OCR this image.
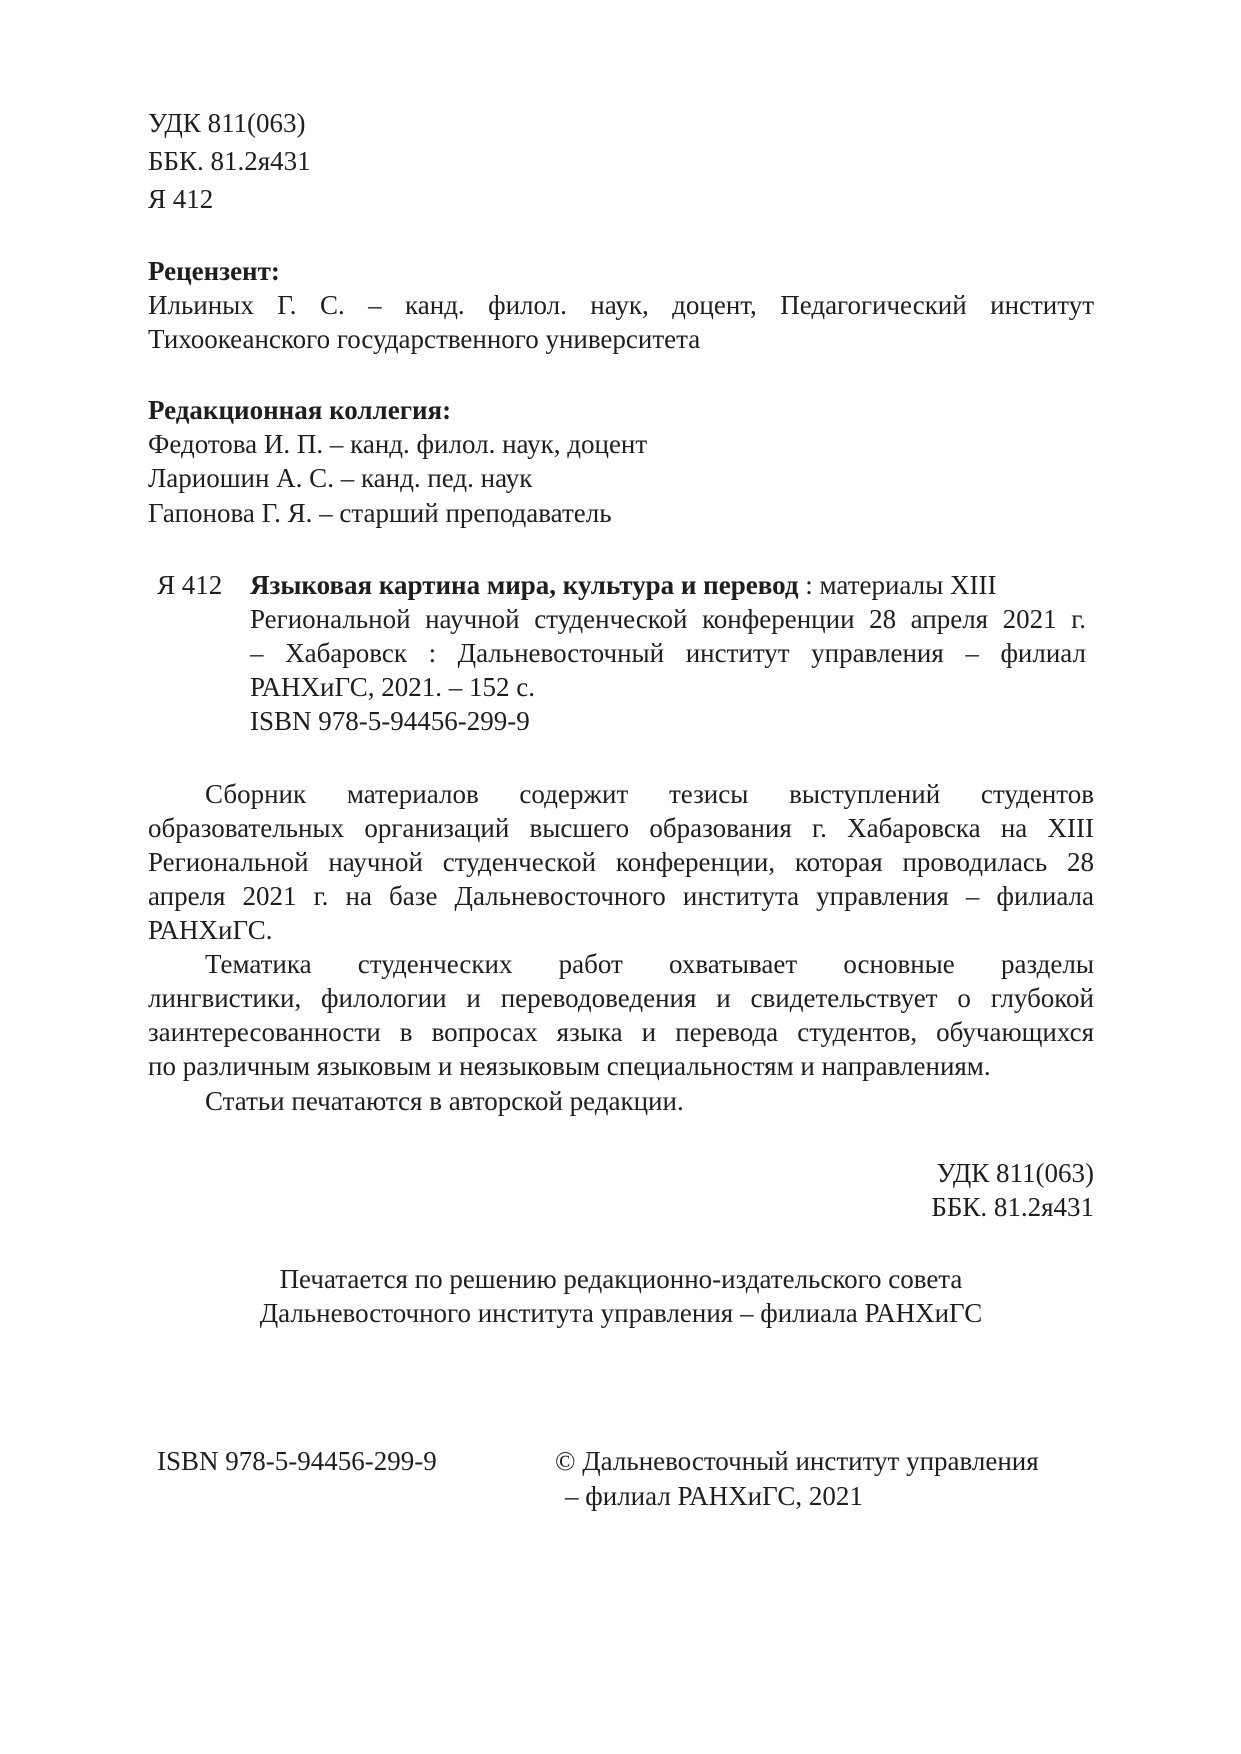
УДК 811(063)

ББК. 81.2я431

Я 412

Рецензент:

Ильиных Г. С. – канд. филол. наук, доцент, Педагогический институт

Тихоокеанского государственного университета

Редакционная коллегия:

Федотова И. П. – канд. филол. наук, доцент

Лариошин А. С. – канд. пед. наук

Гапонова Г. Я. – старший преподаватель

Я 412 Языковая картина мира, культура и перевод : материалы XIII

Региональной научной студенческой конференции 28 апреля 2021 г.

– Хабаровск : Дальневосточный институт управления – филиал

РАНХиГС, 2021. – 152 с.

ISBN 978-5-94456-299-9

Сборник материалов содержит тезисы выступлений студентов

образовательных организаций высшего образования г. Хабаровска на XIII

Региональной научной студенческой конференции, которая проводилась 28

апреля 2021 г. на базе Дальневосточного института управления – филиала

РАНХиГС.

Тематика студенческих работ охватывает основные разделы

лингвистики, филологии и переводоведения и свидетельствует о глубокой

заинтересованности в вопросах языка и перевода студентов, обучающихся

по различным языковым и неязыковым специальностям и направлениям.

Статьи печатаются в авторской редакции.

УДК 811(063)

ББК. 81.2я431

Печатается по решению редакционно-издательского совета

Дальневосточного института управления – филиала РАНХиГС

ISBN 978-5-94456-299-9	© Дальневосточный институт управления

– филиал РАНХиГС, 2021
